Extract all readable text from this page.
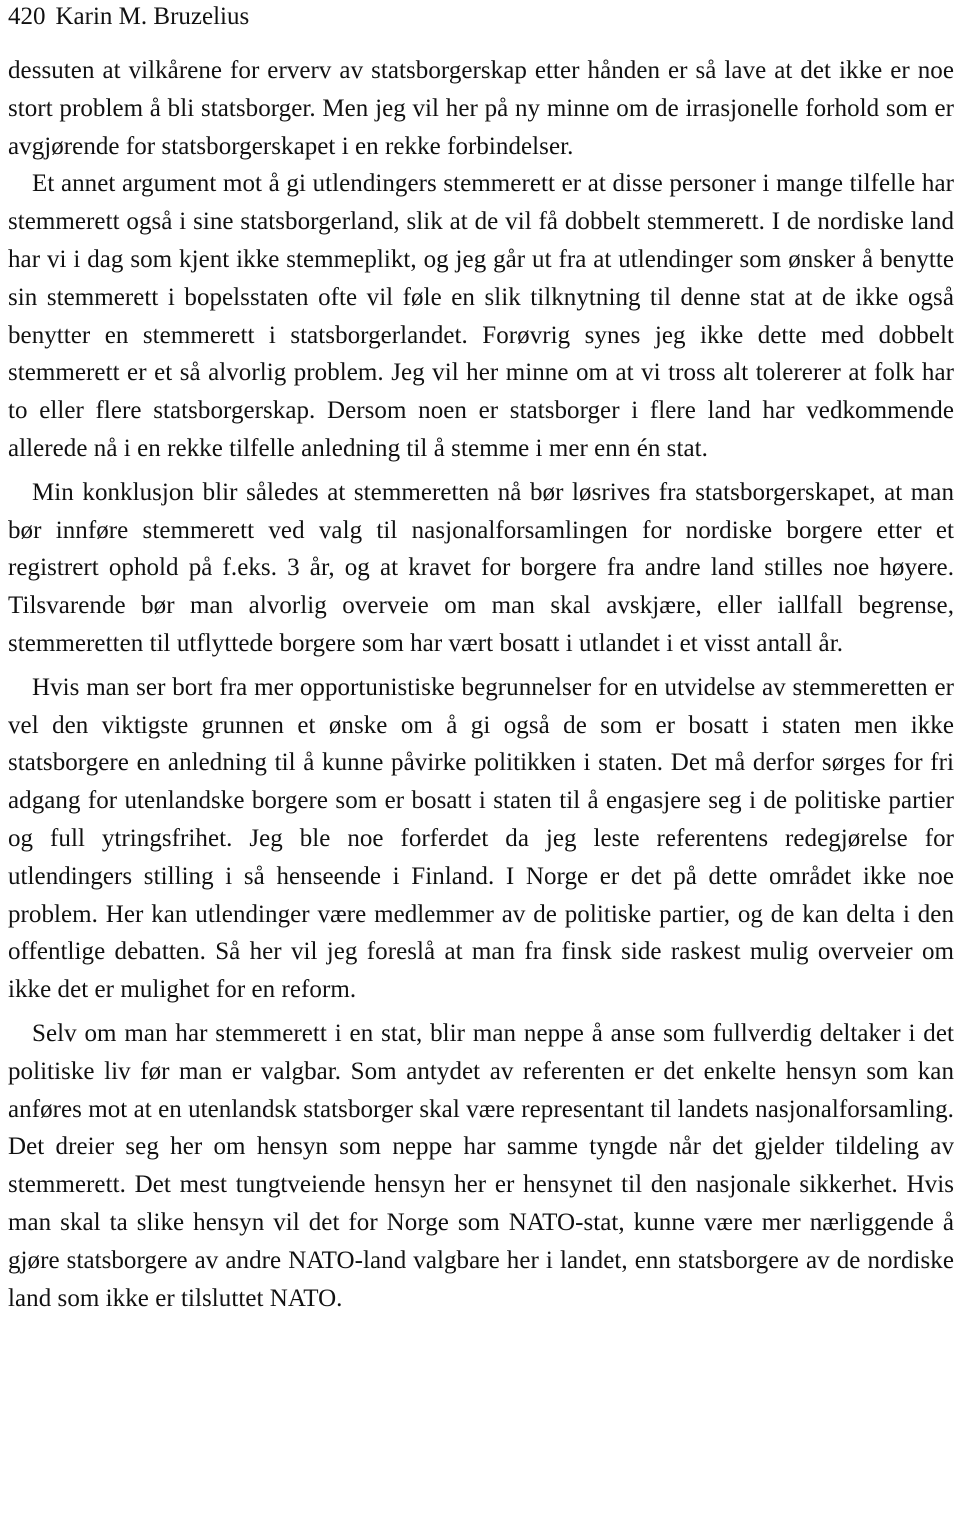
420 Karin M. Bruzelius

dessuten at vilkårene for erverv av statsborgerskap etter hånden er så lave at det ikke er noe stort problem å bli statsborger. Men jeg vil her på ny minne om de irrasjonelle forhold som er avgjørende for statsborgerskapet i en rekke forbindelser.

Et annet argument mot å gi utlendingers stemmerett er at disse personer i mange tilfelle har stemmerett også i sine statsborgerland, slik at de vil få dobbelt stemmerett. I de nordiske land har vi i dag som kjent ikke stemmeplikt, og jeg går ut fra at utlendinger som ønsker å benytte sin stemmerett i bopelsstaten ofte vil føle en slik tilknytning til denne stat at de ikke også benytter en stemmerett i statsborgerlandet. Forøvrig synes jeg ikke dette med dobbelt stemmerett er et så alvorlig problem. Jeg vil her minne om at vi tross alt tolererer at folk har to eller flere statsborgerskap. Dersom noen er statsborger i flere land har vedkommende allerede nå i en rekke tilfelle anledning til å stemme i mer enn én stat.

Min konklusjon blir således at stemmeretten nå bør løsrives fra statsborgerskapet, at man bør innføre stemmerett ved valg til nasjonalforsamlingen for nordiske borgere etter et registrert ophold på f.eks. 3 år, og at kravet for borgere fra andre land stilles noe høyere. Tilsvarende bør man alvorlig overveie om man skal avskjære, eller iallfall begrense, stemmeretten til utflyttede borgere som har vært bosatt i utlandet i et visst antall år.

Hvis man ser bort fra mer opportunistiske begrunnelser for en utvidelse av stemmeretten er vel den viktigste grunnen et ønske om å gi også de som er bosatt i staten men ikke statsborgere en anledning til å kunne påvirke politikken i staten. Det må derfor sørges for fri adgang for utenlandske borgere som er bosatt i staten til å engasjere seg i de politiske partier og full ytringsfrihet. Jeg ble noe forferdet da jeg leste referentens redegjørelse for utlendingers stilling i så henseende i Finland. I Norge er det på dette området ikke noe problem. Her kan utlendinger være medlemmer av de politiske partier, og de kan delta i den offentlige debatten. Så her vil jeg foreslå at man fra finsk side raskest mulig overveier om ikke det er mulighet for en reform.

Selv om man har stemmerett i en stat, blir man neppe å anse som fullverdig deltaker i det politiske liv før man er valgbar. Som antydet av referenten er det enkelte hensyn som kan anføres mot at en utenlandsk statsborger skal være representant til landets nasjonalforsamling. Det dreier seg her om hensyn som neppe har samme tyngde når det gjelder tildeling av stemmerett. Det mest tungtveiende hensyn her er hensynet til den nasjonale sikkerhet. Hvis man skal ta slike hensyn vil det for Norge som NATO-stat, kunne være mer nærliggende å gjøre statsborgere av andre NATO-land valgbare her i landet, enn statsborgere av de nordiske land som ikke er tilsluttet NATO.
